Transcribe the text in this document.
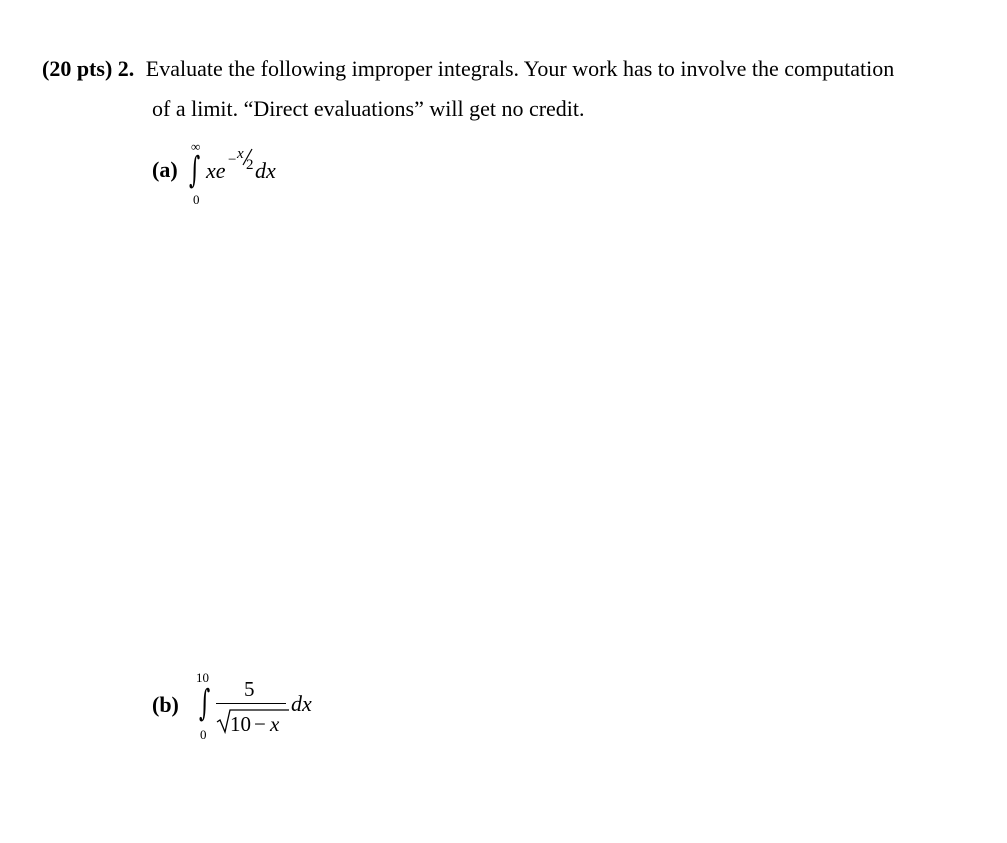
(20 pts) 2. Evaluate the following improper integrals. Your work has to involve the computation
of a limit. “Direct evaluations” will get no credit.
(a)
∞
∫
0
xe − x
2 dx
(b)
10
∫
0
5
10 − x
dx
